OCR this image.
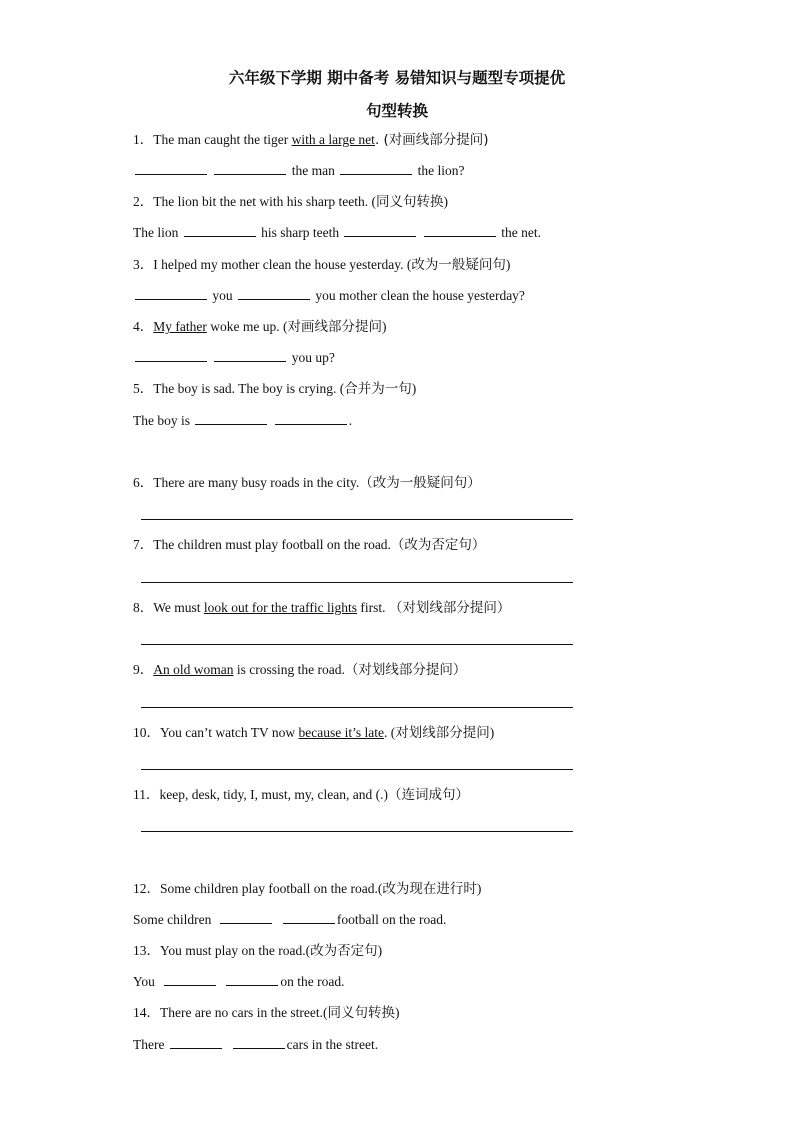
六年级下学期 期中备考 易错知识与题型专项提优
句型转换
1．The man caught the tiger with a large net. (对画线部分提问)
the man	the lion?
2．The lion bit the net with his sharp teeth. (同义句转换)
The lion	his sharp teeth	the net.
3．I helped my mother clean the house yesterday. (改为一般疑问句)
you	you mother clean the house yesterday?
4．My father woke me up. (对画线部分提问)
you up?
5．The boy is sad. The boy is crying. (合并为一句)
The boy is	.
6．There are many busy roads in the city.（改为一般疑问句）
7．The children must play football on the road.（改为否定句）
8．We must look out for the traffic lights first. （对划线部分提问）
9．An old woman is crossing the road.（对划线部分提问）
10．You can’t watch TV now because it’s late. (对划线部分提问)
11．keep, desk, tidy, I, must, my, clean, and (.)（连词成句）
12．Some children play football on the road.(改为现在进行时)
Some children	football on the road.
13．You must play on the road.(改为否定句)
You	on the road.
14．There are no cars in the street.(同义句转换)
There	cars in the street.
